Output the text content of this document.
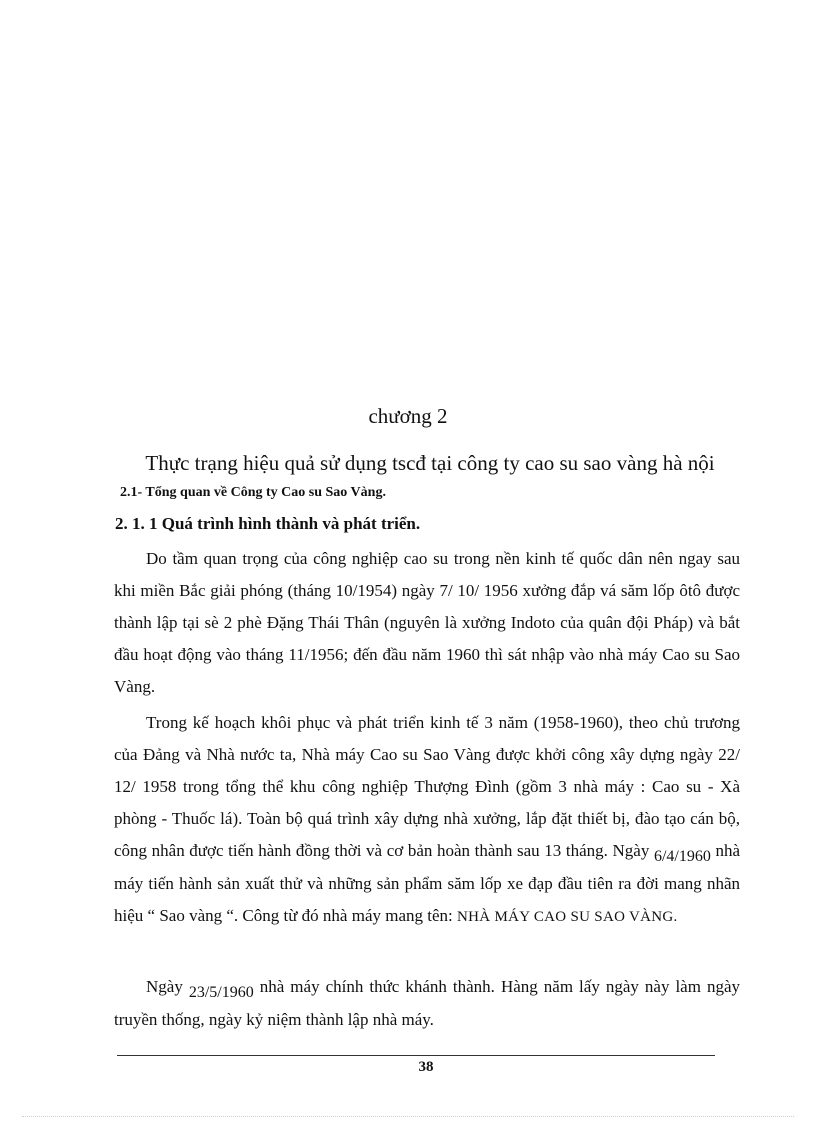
chương 2
Thực trạng hiệu quả sử dụng tscđ tại công ty cao su sao vàng hà nội
2.1- Tổng quan về Công ty Cao su Sao Vàng.
2. 1. 1 Quá trình hình thành và phát triển.
Do tầm quan trọng của công nghiệp cao su trong nền kinh tế quốc dân nên ngay sau khi miền Bắc giải phóng (tháng 10/1954) ngày 7/ 10/ 1956 xưởng đắp vá săm lốp ôtô được thành lập tại sè 2 phè Đặng Thái Thân (nguyên là xưởng Indoto của quân đội Pháp) và bắt đầu hoạt động vào tháng 11/1956; đến đầu năm 1960 thì sát nhập vào nhà máy Cao su Sao Vàng.
Trong kế hoạch khôi phục và phát triển kinh tế 3 năm (1958-1960), theo chủ trương của Đảng và Nhà nước ta, Nhà máy Cao su Sao Vàng được khởi công xây dựng ngày 22/ 12/ 1958 trong tổng thể khu công nghiệp Thượng Đình (gồm 3 nhà máy : Cao su - Xà phòng - Thuốc lá). Toàn bộ quá trình xây dựng nhà xưởng, lắp đặt thiết bị, đào tạo cán bộ, công nhân được tiến hành đồng thời và cơ bản hoàn thành sau 13 tháng. Ngày 6/4/1960 nhà máy tiến hành sản xuất thử và những sản phẩm săm lốp xe đạp đầu tiên ra đời mang nhãn hiệu “ Sao vàng “. Công từ đó nhà máy mang tên: NHÀ MÁY CAO SU SAO VÀNG.
Ngày 23/5/1960 nhà máy chính thức khánh thành. Hàng năm lấy ngày này làm ngày truyền thống, ngày kỷ niệm thành lập nhà máy.
38
